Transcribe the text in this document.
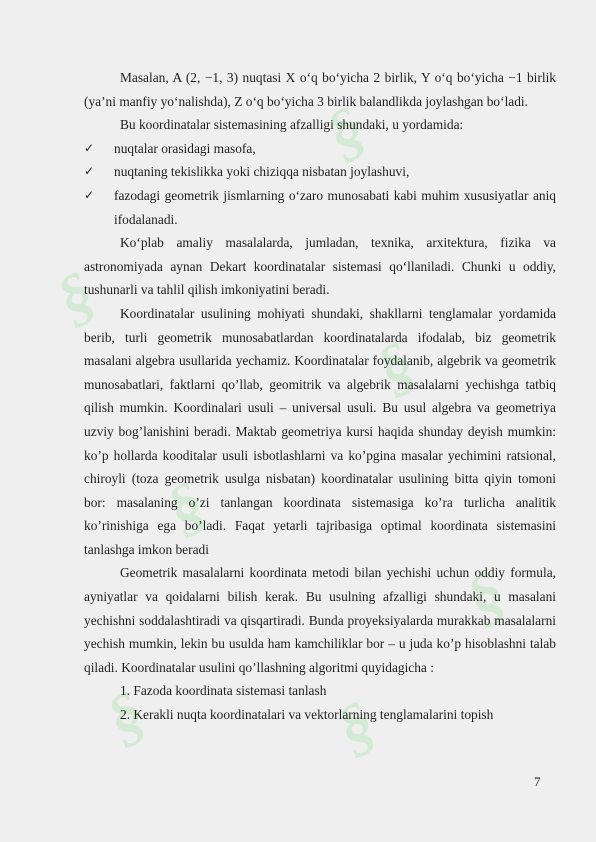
§
§
§
§
§
§	§

Masalan, A (2, −1, 3) nuqtasi X o‘q bo‘yicha 2 birlik, Y o‘q bo‘yicha −1 birlik (ya’ni manfiy yo‘nalishda), Z o‘q bo‘yicha 3 birlik balandlikda joylashgan bo‘ladi.

Bu koordinatalar sistemasining afzalligi shundaki, u yordamida:

✓	nuqtalar orasidagi masofa,
✓	nuqtaning tekislikka yoki chiziqqa nisbatan joylashuvi,
✓	fazodagi geometrik jismlarning o‘zaro munosabati kabi muhim xususiyatlar aniq ifodalanadi.

Ko‘plab amaliy masalalarda, jumladan, texnika, arxitektura, fizika va astronomiyada aynan Dekart koordinatalar sistemasi qo‘llaniladi. Chunki u oddiy, tushunarli va tahlil qilish imkoniyatini beradi.

Koordinatalar usulining mohiyati shundaki, shakllarni tenglamalar yordamida berib, turli geometrik munosabatlardan koordinatalarda ifodalab, biz geometrik masalani algebra usullarida yechamiz. Koordinatalar foydalanib, algebrik va geometrik munosabatlari, faktlarni qo’llab, geomitrik va algebrik masalalarni yechishga tatbiq qilish mumkin. Koordinalari usuli – universal usuli. Bu usul algebra va geometriya uzviy bog’lanishini beradi. Maktab geometriya kursi haqida shunday deyish mumkin: ko’p hollarda kooditalar usuli isbotlashlarni va ko’pgina masalar yechimini ratsional, chiroyli (toza geometrik usulga nisbatan) koordinatalar usulining bitta qiyin tomoni bor: masalaning o’zi tanlangan koordinata sistemasiga ko’ra turlicha analitik ko’rinishiga ega bo’ladi. Faqat yetarli tajribasiga optimal koordinata sistemasini tanlashga imkon beradi

Geometrik masalalarni koordinata metodi bilan yechishi uchun oddiy formula, ayniyatlar va qoidalarni bilish kerak. Bu usulning afzalligi shundaki, u masalani yechishni soddalashtiradi va qisqartiradi. Bunda proyeksiyalarda murakkab masalalarni yechish mumkin, lekin bu usulda ham kamchiliklar bor – u juda ko’p hisoblashni talab qiladi. Koordinatalar usulini qo’llashning algoritmi quyidagicha :

1. Fazoda koordinata sistemasi tanlash
2. Kerakli nuqta koordinatalari va vektorlarning tenglamalarini topish
7
